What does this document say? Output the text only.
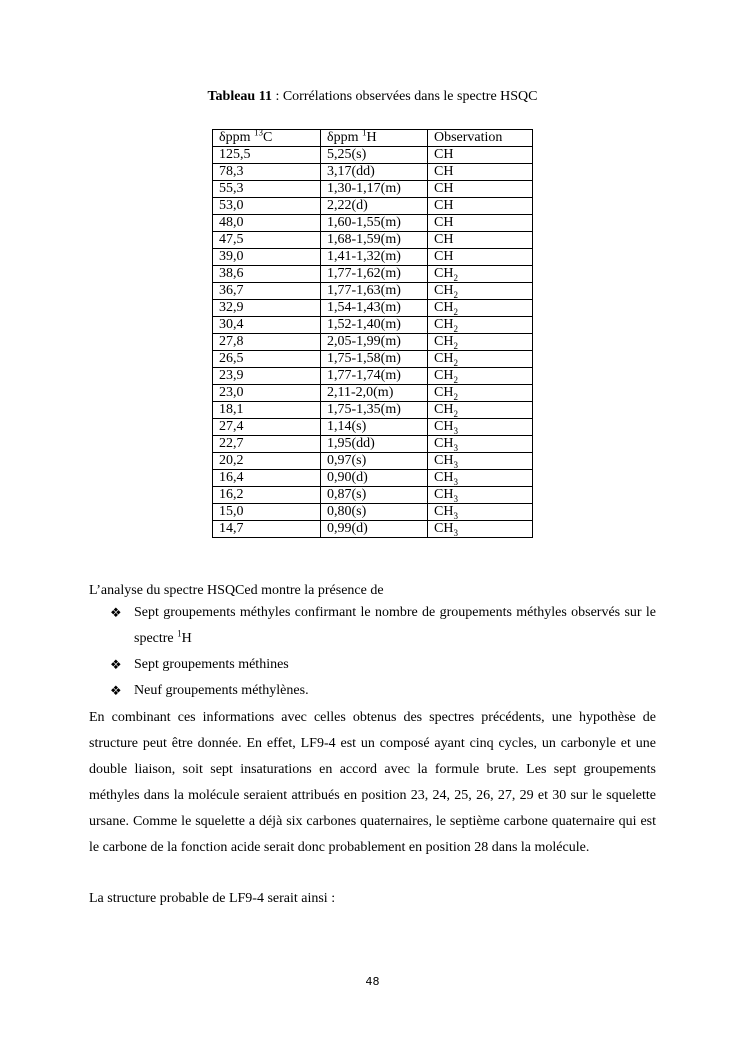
Tableau 11 : Corrélations observées dans le spectre HSQC
δppm $^{13}$C	δppm $^1$H	Observation
125,5	5,25(s)	CH
78,3	3,17(dd)	CH
55,3	1,30-1,17(m)	CH
53,0	2,22(d)	CH
48,0	1,60-1,55(m)	CH
47,5	1,68-1,59(m)	CH
39,0	1,41-1,32(m)	CH
38,6	1,77-1,62(m)	$CH_2$
36,7	1,77-1,63(m)	$CH_2$
32,9	1,54-1,43(m)	$CH_2$
30,4	1,52-1,40(m)	$CH_2$
27,8	2,05-1,99(m)	$CH_2$
26,5	1,75-1,58(m)	$CH_2$
23,9	1,77-1,74(m)	$CH_2$
23,0	2,11-2,0(m)	$CH_2$
18,1	1,75-1,35(m)	$CH_2$
27,4	1,14(s)	$CH_3$
22,7	1,95(dd)	$CH_3$
20,2	0,97(s)	$CH_3$
16,4	0,90(d)	$CH_3$
16,2	0,87(s)	$CH_3$
15,0	0,80(s)	$CH_3$
14,7	0,99(d)	$CH_3$
L’analyse du spectre HSQCed montre la présence de
❖ Sept groupements méthyles confirmant le nombre de groupements méthyles observés sur le spectre $^1$H
❖ Sept groupements méthines
❖ Neuf groupements méthylènes.
En combinant ces informations avec celles obtenus des spectres précédents, une hypothèse de structure peut être donnée. En effet, LF9-4 est un composé ayant cinq cycles, un carbonyle et une double liaison, soit sept insaturations en accord avec la formule brute. Les sept groupements méthyles dans la molécule seraient attribués en position 23, 24, 25, 26, 27, 29 et 30 sur le squelette ursane. Comme le squelette a déjà six carbones quaternaires, le septième carbone quaternaire qui est le carbone de la fonction acide serait donc probablement en position 28 dans la molécule.
La structure probable de LF9-4 serait ainsi :
48
